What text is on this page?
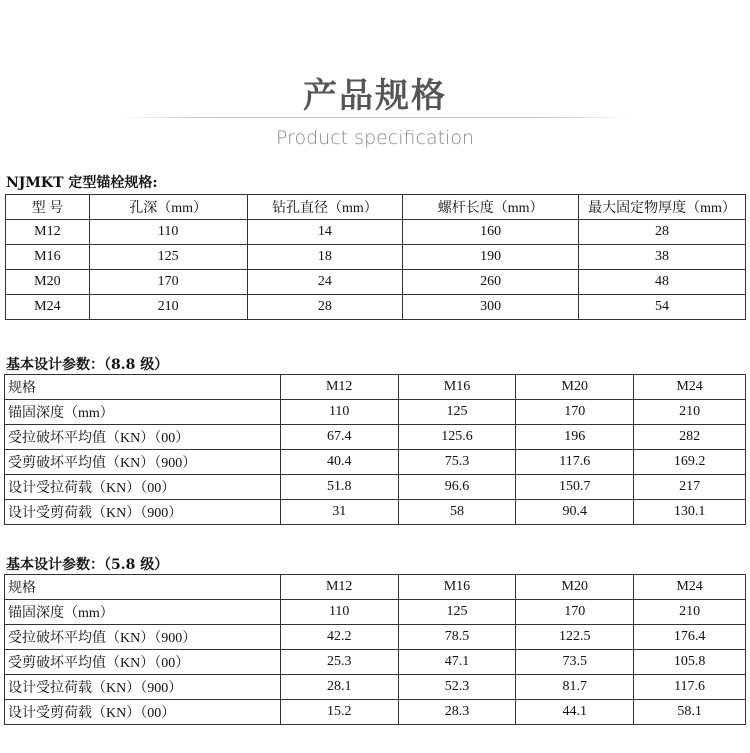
产品规格
Product specification
NJMKT 定型锚栓规格:
型 号	孔深（mm）	钻孔直径（mm）	螺杆长度（mm）	最大固定物厚度（mm）
M12	110	14	160	28
M16	125	18	190	38
M20	170	24	260	48
M24	210	28	300	54
基本设计参数：（8.8 级）
规格	M12	M16	M20	M24
锚固深度（mm）	110	125	170	210
受拉破坏平均值（KN）（00）	67.4	125.6	196	282
受剪破坏平均值（KN）（900）	40.4	75.3	117.6	169.2
设计受拉荷载（KN）（00）	51.8	96.6	150.7	217
设计受剪荷载（KN）（900）	31	58	90.4	130.1
基本设计参数：（5.8 级）
规格	M12	M16	M20	M24
锚固深度（mm）	110	125	170	210
受拉破坏平均值（KN）（900）	42.2	78.5	122.5	176.4
受剪破坏平均值（KN）（00）	25.3	47.1	73.5	105.8
设计受拉荷载（KN）（900）	28.1	52.3	81.7	117.6
设计受剪荷载（KN）（00）	15.2	28.3	44.1	58.1
